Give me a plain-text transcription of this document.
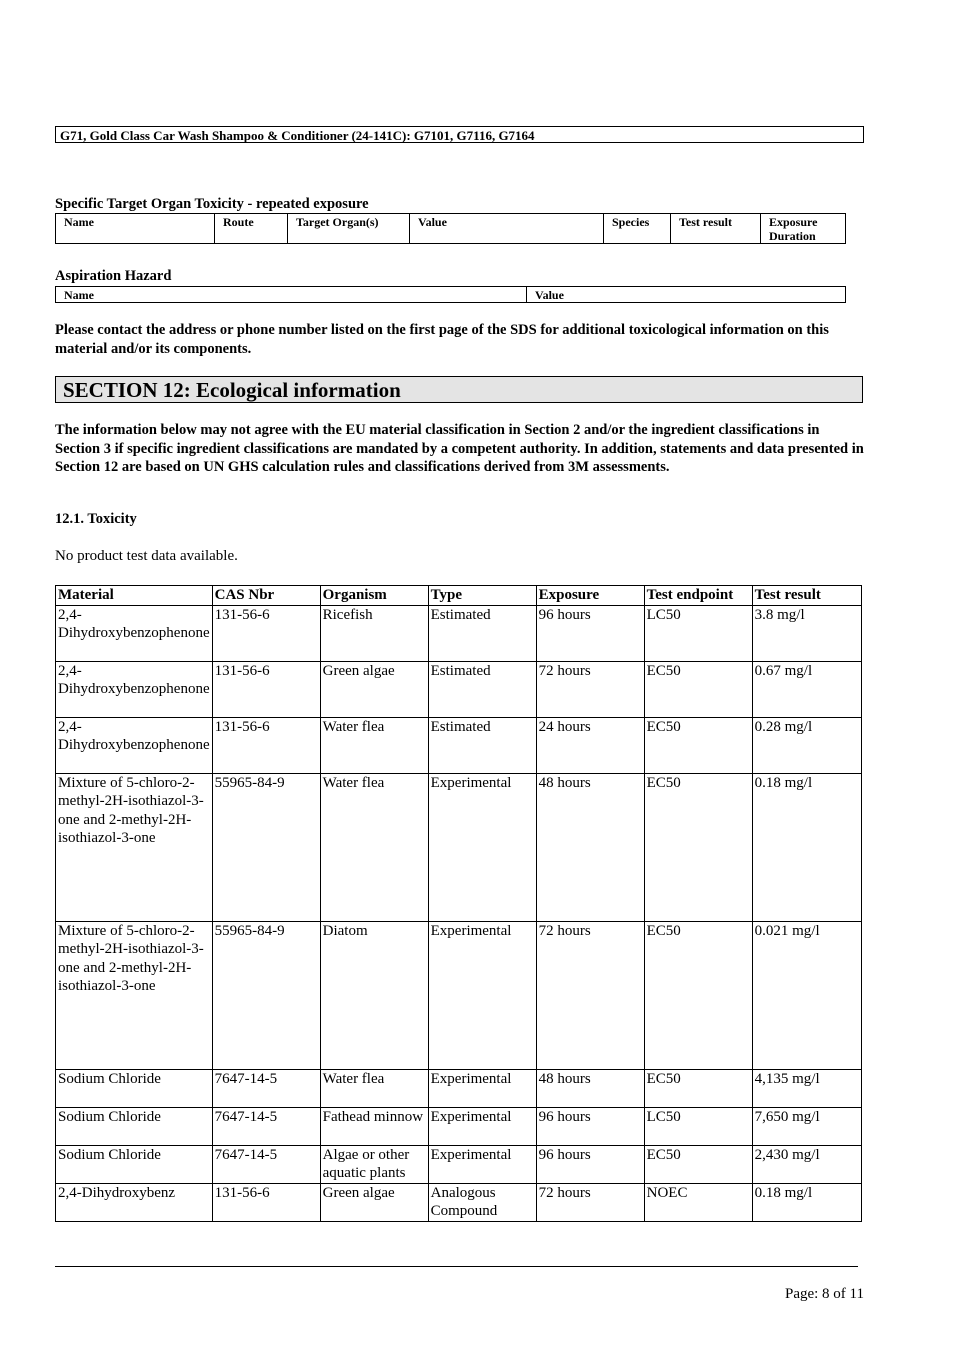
G71, Gold Class Car Wash Shampoo & Conditioner (24-141C): G7101, G7116, G7164
Specific Target Organ Toxicity - repeated exposure
Name	Route	Target Organ(s)	Value	Species	Test result	Exposure Duration
Aspiration Hazard
Name	Value
Please contact the address or phone number listed on the first page of the SDS for additional toxicological information on this material and/or its components.
SECTION 12: Ecological information
The information below may not agree with the EU material classification in Section 2 and/or the ingredient classifications in Section 3 if specific ingredient classifications are mandated by a competent authority. In addition, statements and data presented in Section 12 are based on UN GHS calculation rules and classifications derived from 3M assessments.
12.1. Toxicity
No product test data available.
Material	CAS Nbr	Organism	Type	Exposure	Test endpoint	Test result
2,4-Dihydroxybenzophenone	131-56-6	Ricefish	Estimated	96 hours	LC50	3.8 mg/l
2,4-Dihydroxybenzophenone	131-56-6	Green algae	Estimated	72 hours	EC50	0.67 mg/l
2,4-Dihydroxybenzophenone	131-56-6	Water flea	Estimated	24 hours	EC50	0.28 mg/l
Mixture of 5-chloro-2-methyl-2H-isothiazol-3-one and 2-methyl-2H-isothiazol-3-one	55965-84-9	Water flea	Experimental	48 hours	EC50	0.18 mg/l
Mixture of 5-chloro-2-methyl-2H-isothiazol-3-one and 2-methyl-2H-isothiazol-3-one	55965-84-9	Diatom	Experimental	72 hours	EC50	0.021 mg/l
Sodium Chloride	7647-14-5	Water flea	Experimental	48 hours	EC50	4,135 mg/l
Sodium Chloride	7647-14-5	Fathead minnow	Experimental	96 hours	LC50	7,650 mg/l
Sodium Chloride	7647-14-5	Algae or other aquatic plants	Experimental	96 hours	EC50	2,430 mg/l
2,4-Dihydroxybenz	131-56-6	Green algae	Analogous Compound	72 hours	NOEC	0.18 mg/l
Page: 8 of 11
